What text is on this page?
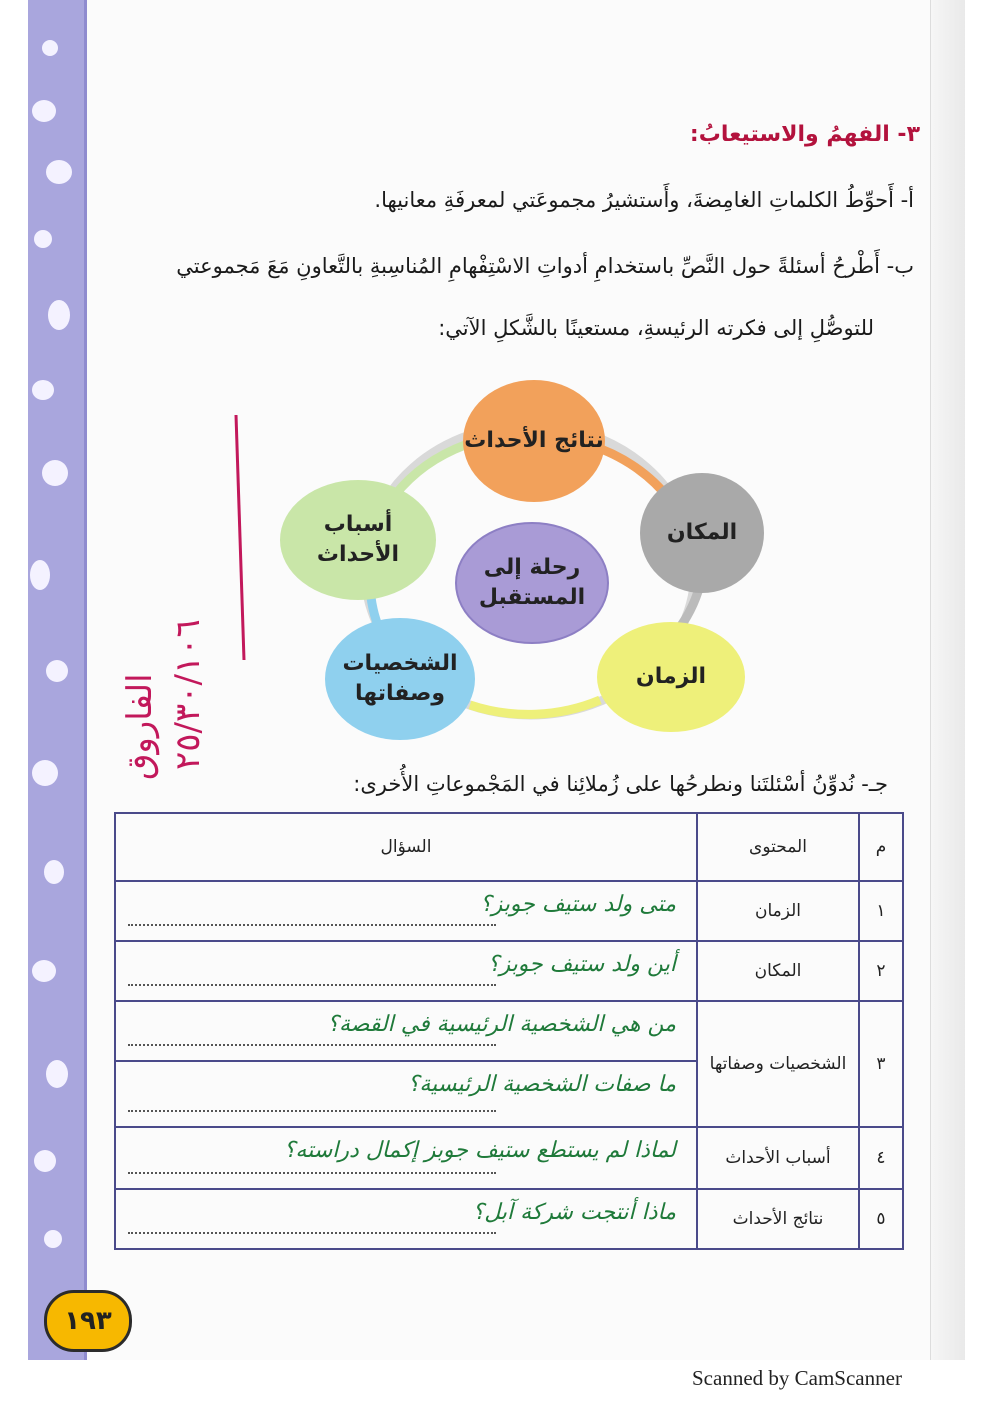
٣- الفهمُ والاستيعابُ:
أ- أَحوِّطُ الكلماتِ الغامِضةَ، وأَستشيرُ مجموعَتي لمعرفَةِ معانيها.
ب- أَطْرحُ أسئلةً حول النَّصِّ باستخدامِ أدواتِ الاسْتِفْهامِ المُناسِبةِ بالتَّعاونِ مَعَ مَجموعتي
للتوصُّلِ إلى فكرته الرئيسةِ، مستعينًا بالشَّكلِ الآتي:
رحلة إلى المستقبل
نتائج الأحداث
المكان
الزمان
الشخصيات وصفاتها
أسباب الأحداث
الفاروق ٢٥/٣٠/١٠٦
جـ- نُدوِّنُ أسْئلتَنا ونطرحُها على زُملائِنا في المَجْموعاتِ الأُخرى:
م	المحتوى	السؤال
١	الزمان	متى ولد ستيف جوبز؟

٢	المكان	أين ولد ستيف جوبز؟

٣	الشخصيات وصفاتها	من هي الشخصية الرئيسية في القصة؟

		ما صفات الشخصية الرئيسية؟

٤	أسباب الأحداث	لماذا لم يستطع ستيف جوبز إكمال دراسته؟

٥	نتائج الأحداث	ماذا أنتجت شركة آبل؟
١٩٣
Scanned by CamScanner
